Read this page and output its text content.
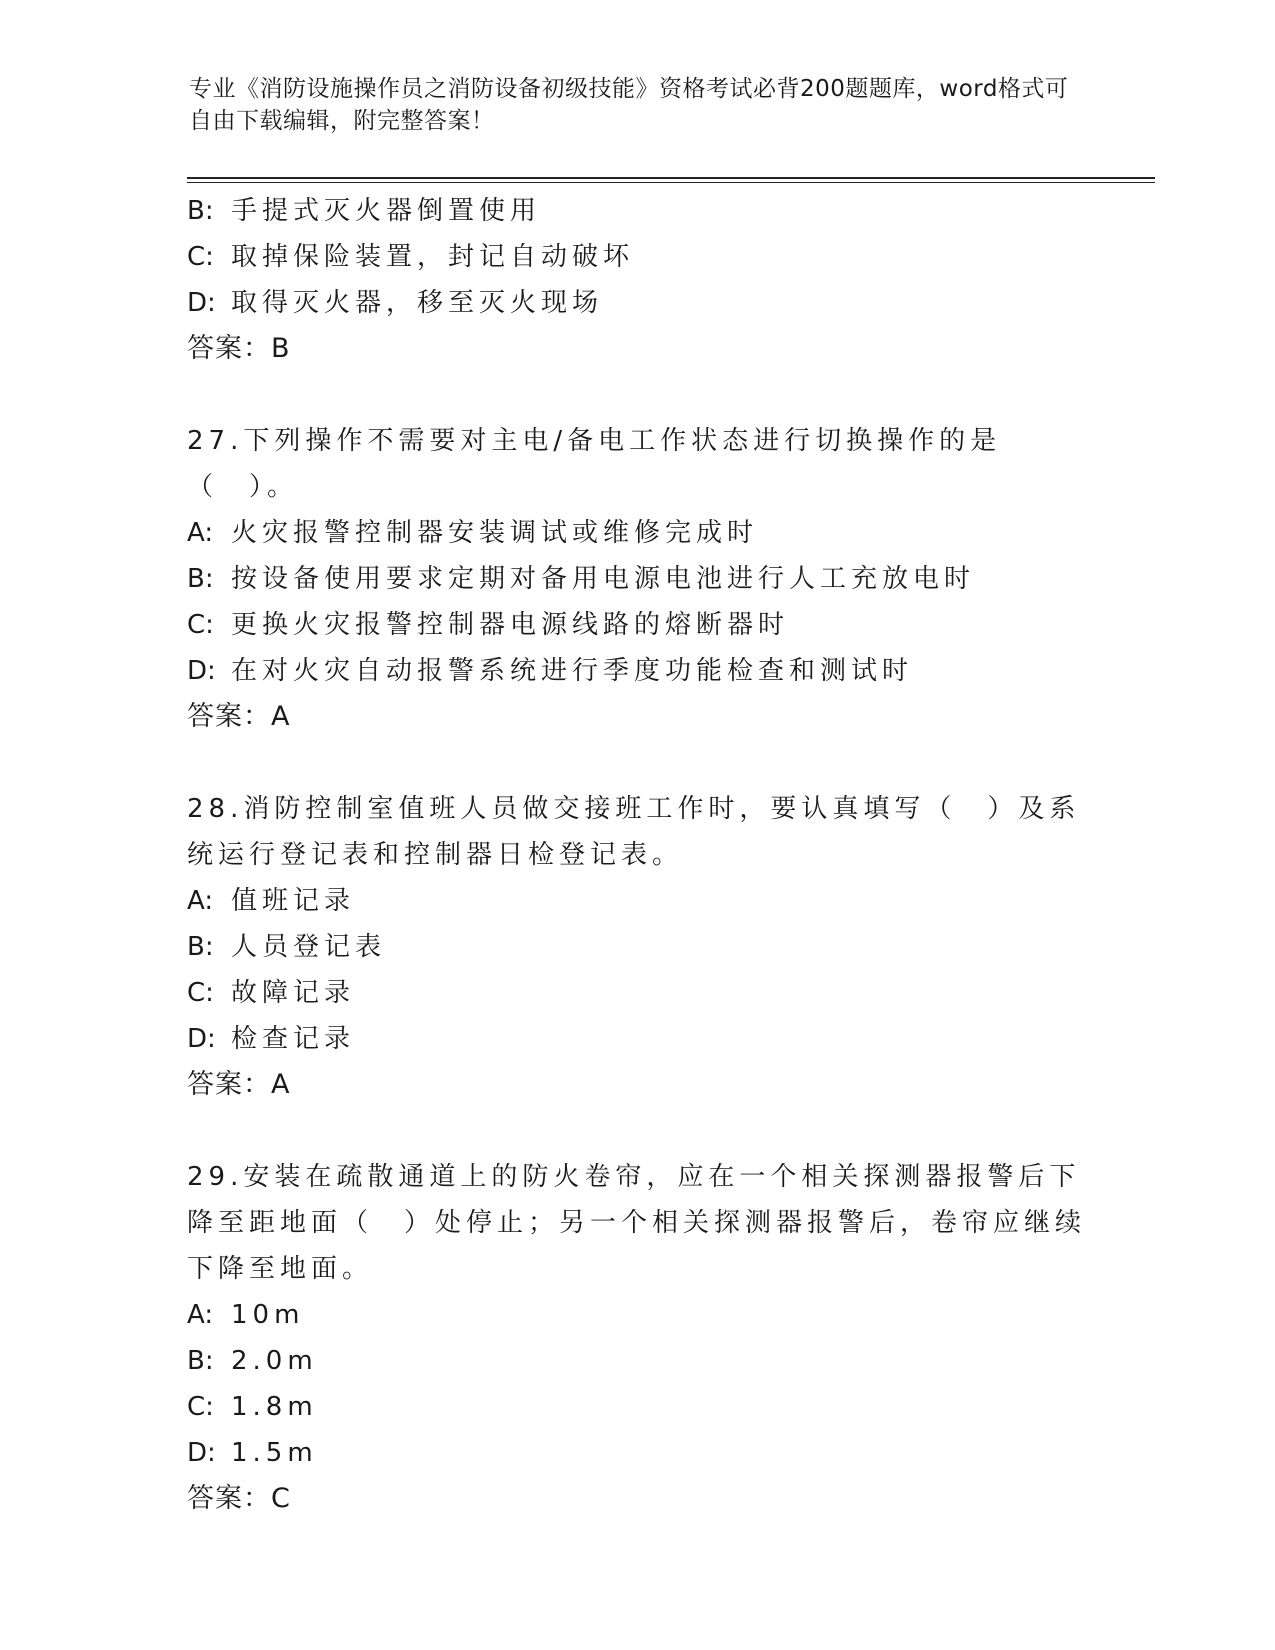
专业《消防设施操作员之消防设备初级技能》资格考试必背200题题库，word格式可自由下载编辑，附完整答案！

B: 手提式灭火器倒置使用
C: 取掉保险装置，封记自动破坏
D: 取得灭火器，移至灭火现场
答案：B
27.下列操作不需要对主电/备电工作状态进行切换操作的是（　）。
A: 火灾报警控制器安装调试或维修完成时
B: 按设备使用要求定期对备用电源电池进行人工充放电时
C: 更换火灾报警控制器电源线路的熔断器时
D: 在对火灾自动报警系统进行季度功能检查和测试时
答案：A
28.消防控制室值班人员做交接班工作时，要认真填写（　）及系统运行登记表和控制器日检登记表。
A: 值班记录
B: 人员登记表
C: 故障记录
D: 检查记录
答案：A
29.安装在疏散通道上的防火卷帘，应在一个相关探测器报警后下降至距地面（　）处停止；另一个相关探测器报警后，卷帘应继续下降至地面。
A: 10m
B: 2.0m
C: 1.8m
D: 1.5m
答案：C
